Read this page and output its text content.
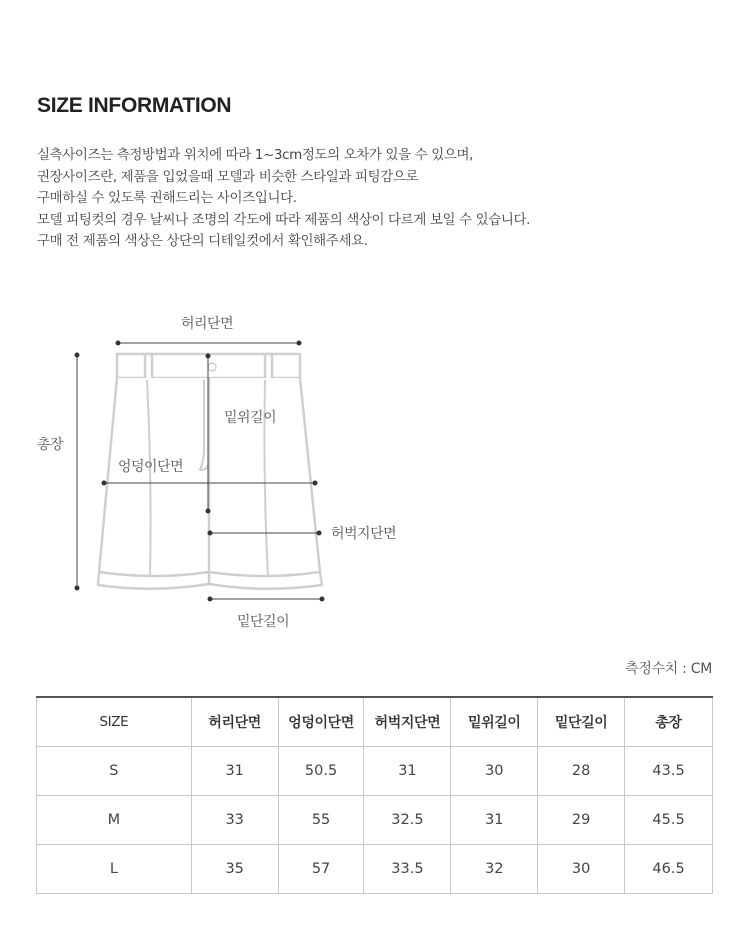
SIZE INFORMATION
실측사이즈는 측정방법과 위치에 따라 1~3cm정도의 오차가 있을 수 있으며,
권장사이즈란, 제품을 입었을때 모델과 비슷한 스타일과 피팅감으로
구매하실 수 있도록 권해드리는 사이즈입니다.
모델 피팅컷의 경우 날씨나 조명의 각도에 따라 제품의 색상이 다르게 보일 수 있습니다.
구매 전 제품의 색상은 상단의 디테일컷에서 확인해주세요.
허리단면
총장
밑위길이
엉덩이단면
허벅지단면
밑단길이
측정수치 : CM
SIZE	허리단면	엉덩이단면	허벅지단면	밑위길이	밑단길이	총장
S	31	50.5	31	30	28	43.5
M	33	55	32.5	31	29	45.5
L	35	57	33.5	32	30	46.5
